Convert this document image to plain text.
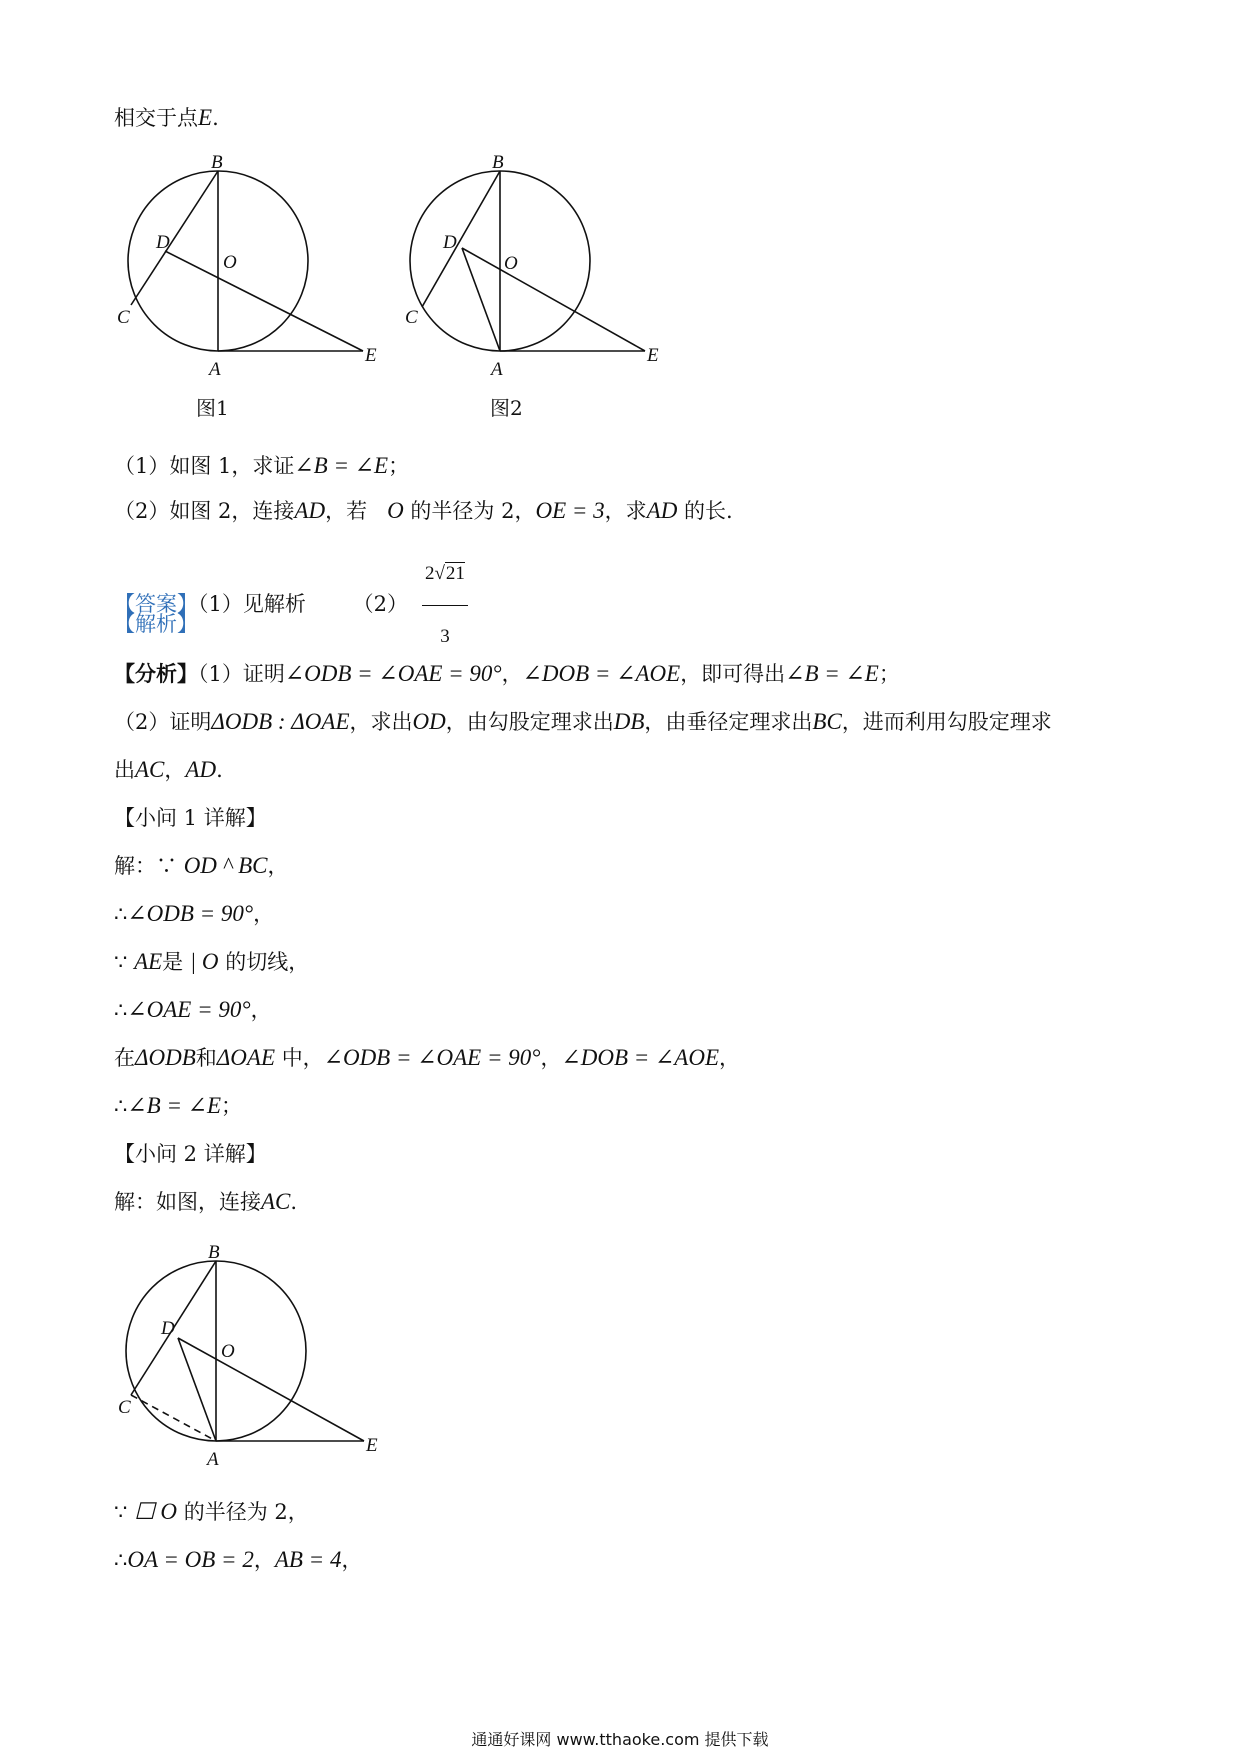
相交于点E.
B
D
O
C
A
E
图1
B
D
O
C
A
E
图2
（1）如图 1，求证∠B = ∠E；
（2）如图 2，连接AD，若 O 的半径为 2，OE = 3，求AD 的长.
【答案】（1）见解析 $(2) \frac{2√21}{3}$
【解析】
【分析】（1）证明∠ODB = ∠OAE = 90°，∠DOB = ∠AOE，即可得出∠B = ∠E；
（2）证明ΔODB : ΔOAE，求出OD，由勾股定理求出DB，由垂径定理求出BC，进而利用勾股定理求
出AC，AD.
【小问 1 详解】
解：∵ OD ^ BC，
∴∠ODB = 90°，
∵ AE是 | O 的切线，
∴∠OAE = 90°，
在ΔODB和ΔOAE 中，∠ODB = ∠OAE = 90°，∠DOB = ∠AOE，
∴∠B = ∠E；
【小问 2 详解】
解：如图，连接AC.
B
D
O
C
A
E
∵ ☐ O 的半径为 2，
∴OA = OB = 2，AB = 4，
通通好课网 www.tthaoke.com 提供下载
